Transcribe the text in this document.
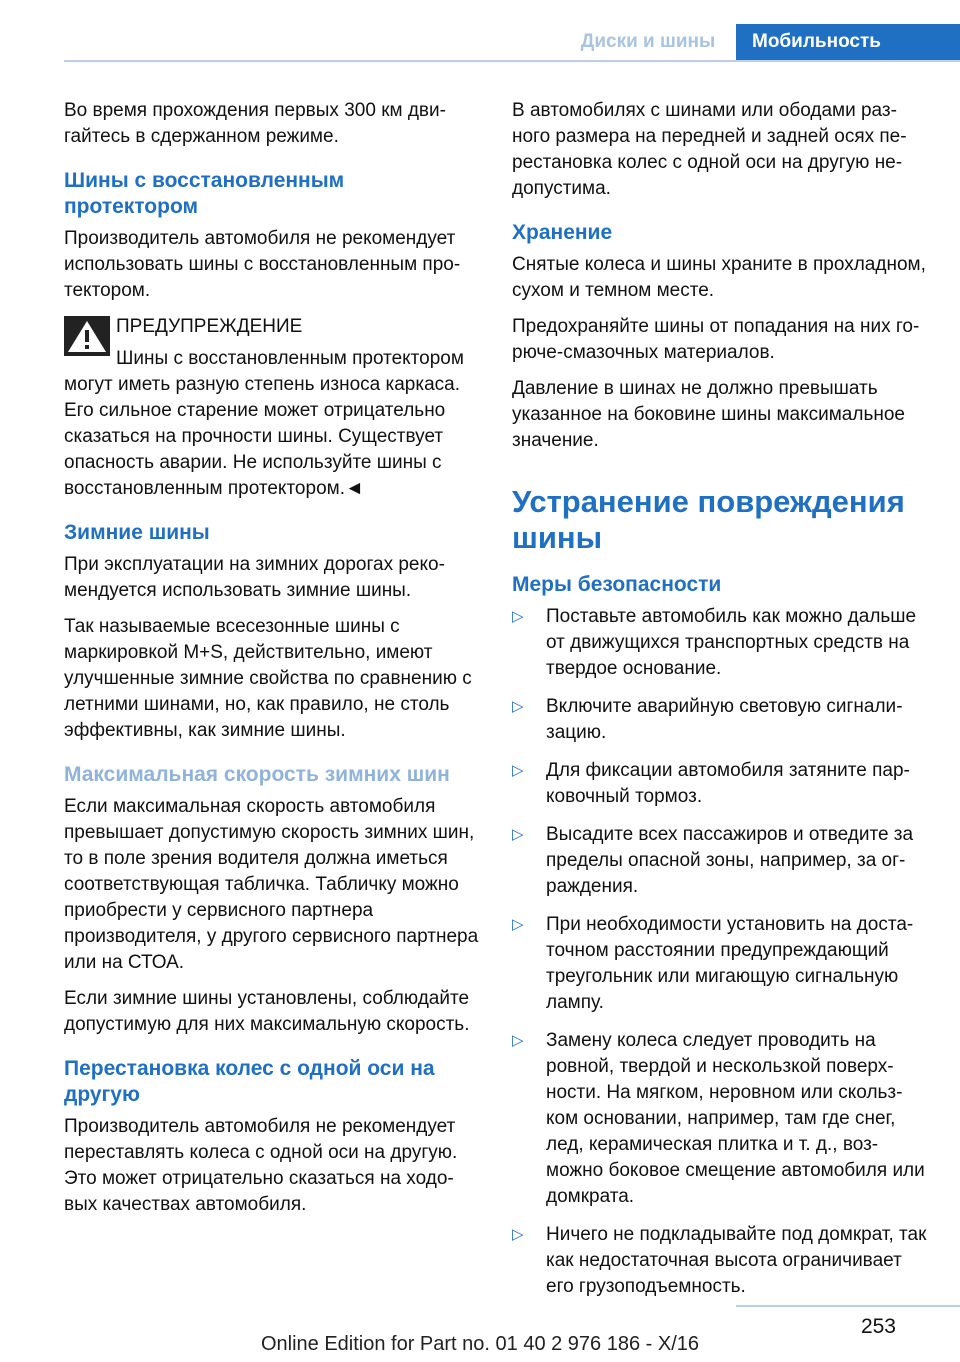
Диски и шины	Мобильность

Во время прохождения первых 300 км двигайтесь в сдержанном режиме.

Шины с восстановленным протектором

Производитель автомобиля не рекомендует использовать шины с восстановленным протектором.

ПРЕДУПРЕЖДЕНИЕ

Шины с восстановленным протектором могут иметь разную степень износа каркаса. Его сильное старение может отрицательно сказаться на прочности шины. Существует опасность аварии. Не используйте шины с восстановленным протектором.◄

Зимние шины

При эксплуатации на зимних дорогах рекомендуется использовать зимние шины.

Так называемые всесезонные шины с маркировкой M+S, действительно, имеют улучшенные зимние свойства по сравнению с летними шинами, но, как правило, не столь эффективны, как зимние шины.

Максимальная скорость зимних шин

Если максимальная скорость автомобиля превышает допустимую скорость зимних шин, то в поле зрения водителя должна иметься соответствующая табличка. Табличку можно приобрести у сервисного партнера производителя, у другого сервисного партнера или на СТОА.

Если зимние шины установлены, соблюдайте допустимую для них максимальную скорость.

Перестановка колес с одной оси на другую

Производитель автомобиля не рекомендует переставлять колеса с одной оси на другую. Это может отрицательно сказаться на ходовых качествах автомобиля.

В автомобилях с шинами или ободами разного размера на передней и задней осях перестановка колес с одной оси на другую недопустима.

Хранение

Снятые колеса и шины храните в прохладном, сухом и темном месте.

Предохраняйте шины от попадания на них горюче-смазочных материалов.

Давление в шинах не должно превышать указанное на боковине шины максимальное значение.

Устранение повреждения шины
Меры безопасности
▷ Поставьте автомобиль как можно дальше от движущихся транспортных средств на твердое основание.
▷ Включите аварийную световую сигнализацию.
▷ Для фиксации автомобиля затяните парковочный тормоз.
▷ Высадите всех пассажиров и отведите за пределы опасной зоны, например, за ограждения.
▷ При необходимости установить на достаточном расстоянии предупреждающий треугольник или мигающую сигнальную лампу.
▷ Замену колеса следует проводить на ровной, твердой и нескользкой поверхности. На мягком, неровном или скользком основании, например, там где снег, лед, керамическая плитка и т. д., возможно боковое смещение автомобиля или домкрата.
▷ Ничего не подкладывайте под домкрат, так как недостаточная высота ограничивает его грузоподъемность.
253
Online Edition for Part no. 01 40 2 976 186 - X/16
